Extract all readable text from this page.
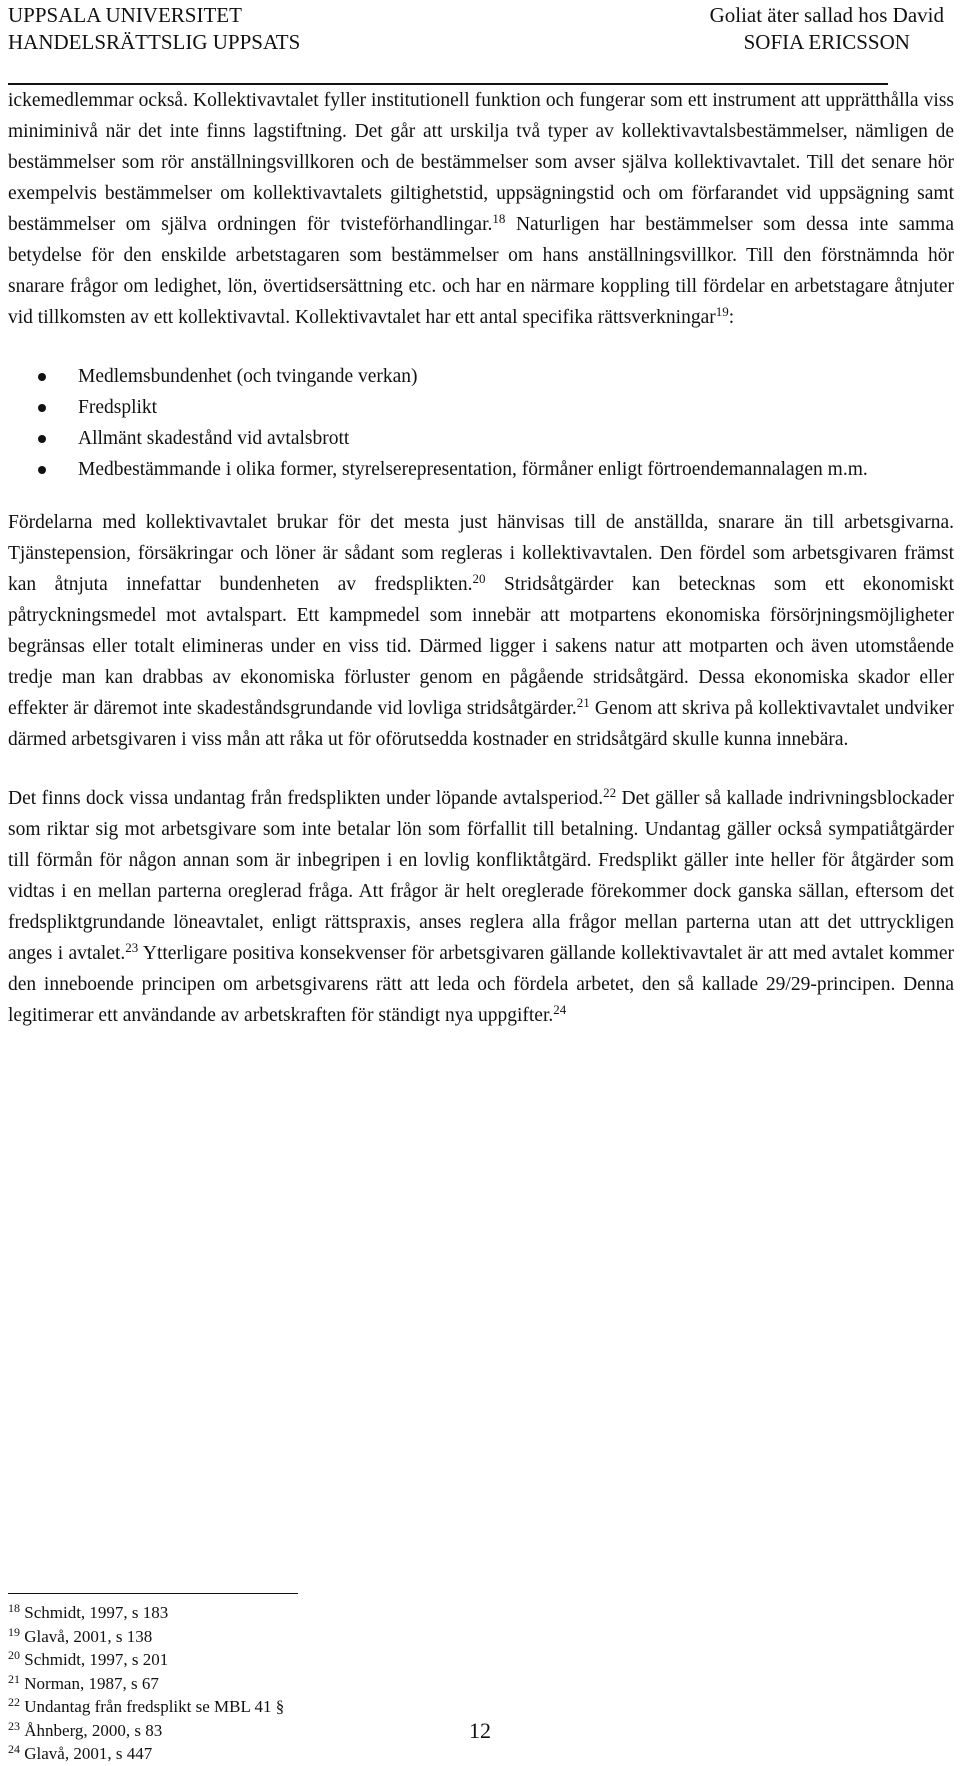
UPPSALA UNIVERSITET
HANDELSRÄTTSLIG UPPSATS
Goliat äter sallad hos David
SOFIA ERICSSON

ickemedlemmar också. Kollektivavtalet fyller institutionell funktion och fungerar som ett instrument att upprätthålla viss miniminivå när det inte finns lagstiftning. Det går att urskilja två typer av kollektivavtalsbestämmelser, nämligen de bestämmelser som rör anställningsvillkoren och de bestämmelser som avser själva kollektivavtalet. Till det senare hör exempelvis bestämmelser om kollektivavtalets giltighetstid, uppsägningstid och om förfarandet vid uppsägning samt bestämmelser om själva ordningen för tvisteförhandlingar.$^{18}$ Naturligen har bestämmelser som dessa inte samma betydelse för den enskilde arbetstagaren som bestämmelser om hans anställningsvillkor. Till den förstnämnda hör snarare frågor om ledighet, lön, övertidsersättning etc. och har en närmare koppling till fördelar en arbetstagare åtnjuter vid tillkomsten av ett kollektivavtal. Kollektivavtalet har ett antal specifika rättsverkningar$^{19}$:

Medlemsbundenhet (och tvingande verkan)
Fredsplikt
Allmänt skadestånd vid avtalsbrott
Medbestämmande i olika former, styrelserepresentation, förmåner enligt förtroendemannalagen m.m.

Fördelarna med kollektivavtalet brukar för det mesta just hänvisas till de anställda, snarare än till arbetsgivarna. Tjänstepension, försäkringar och löner är sådant som regleras i kollektivavtalen. Den fördel som arbetsgivaren främst kan åtnjuta innefattar bundenheten av fredsplikten.$^{20}$ Stridsåtgärder kan betecknas som ett ekonomiskt påtryckningsmedel mot avtalspart. Ett kampmedel som innebär att motpartens ekonomiska försörjningsmöjligheter begränsas eller totalt elimineras under en viss tid. Därmed ligger i sakens natur att motparten och även utomstående tredje man kan drabbas av ekonomiska förluster genom en pågående stridsåtgärd. Dessa ekonomiska skador eller effekter är däremot inte skadeståndsgrundande vid lovliga stridsåtgärder.$^{21}$ Genom att skriva på kollektivavtalet undviker därmed arbetsgivaren i viss mån att råka ut för oförutsedda kostnader en stridsåtgärd skulle kunna innebära.

Det finns dock vissa undantag från fredsplikten under löpande avtalsperiod.$^{22}$ Det gäller så kallade indrivningsblockader som riktar sig mot arbetsgivare som inte betalar lön som förfallit till betalning. Undantag gäller också sympatiåtgärder till förmån för någon annan som är inbegripen i en lovlig konfliktåtgärd. Fredsplikt gäller inte heller för åtgärder som vidtas i en mellan parterna oreglerad fråga. Att frågor är helt oreglerade förekommer dock ganska sällan, eftersom det fredspliktgrundande löneavtalet, enligt rättspraxis, anses reglera alla frågor mellan parterna utan att det uttryckligen anges i avtalet.$^{23}$ Ytterligare positiva konsekvenser för arbetsgivaren gällande kollektivavtalet är att med avtalet kommer den inneboende principen om arbetsgivarens rätt att leda och fördela arbetet, den så kallade 29/29-principen. Denna legitimerar ett användande av arbetskraften för ständigt nya uppgifter.$^{24}$

$^{18}$ Schmidt, 1997, s 183
$^{19}$ Glavå, 2001, s 138
$^{20}$ Schmidt, 1997, s 201
$^{21}$ Norman, 1987, s 67
$^{22}$ Undantag från fredsplikt se MBL 41 §
$^{23}$ Åhnberg, 2000, s 83
$^{24}$ Glavå, 2001, s 447
12
